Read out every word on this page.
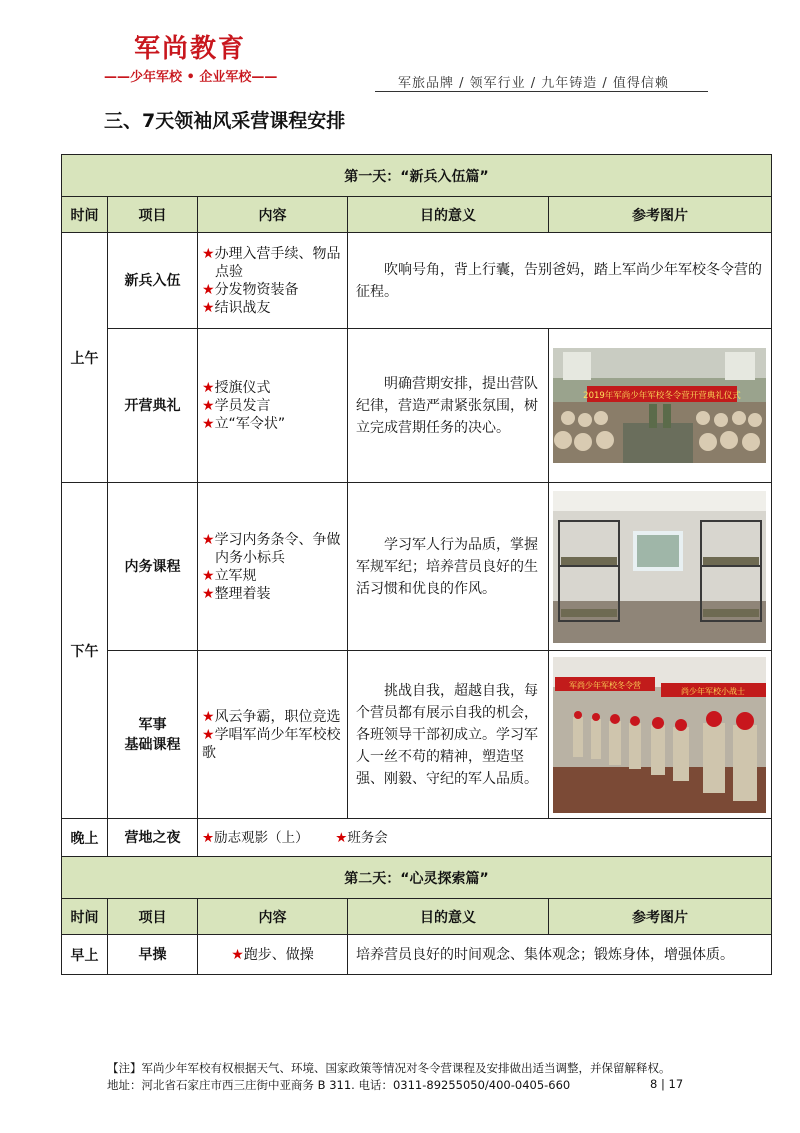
军尚教育
——少年军校 • 企业军校——	军旅品牌 / 领军行业 / 九年铸造 / 值得信赖
三、7天领袖风采营课程安排
第一天：“新兵入伍篇”				
时间	项目	内容	目的意义	参考图片
上午	新兵入伍	★办理入营手续、物品
点验
★分发物资装备
★结识战友	吹响号角，背上行囊，告别爸妈，踏上军尚少年军校冬令营的征程。	
	开营典礼	★授旗仪式
★学员发言
★立“军令状”	明确营期安排，提出营队纪律，营造严肃紧张氛围，树立完成营期任务的决心。	2019年军尚少年军校冬令营开营典礼仪式

下午	内务课程	★学习内务条令、争做
内务小标兵
★立军规
★整理着装	学习军人行为品质，掌握军规军纪；培养营员良好的生活习惯和优良的作风。	

	军事
基础课程	★风云争霸，职位竞选
★学唱军尚少年军校校
歌	挑战自我，超越自我，每个营员都有展示自我的机会，各班领导干部初成立。学习军人一丝不苟的精神，塑造坚强、刚毅、守纪的军人品质。	军尚少年军校冬令营
尚少年军校小战士

晚上	营地之夜	★励志观影（上） ★班务会		
第二天：“心灵探索篇”				
时间	项目	内容	目的意义	参考图片
早上	早操	★跑步、做操	培养营员良好的时间观念、集体观念；锻炼身体，增强体质。	
【注】军尚少年军校有权根据天气、环境、国家政策等情况对冬令营课程及安排做出适当调整，并保留解释权。
地址：河北省石家庄市西三庄街中亚商务 B 311. 电话：0311-89255050/400-0405-660	8 | 17
